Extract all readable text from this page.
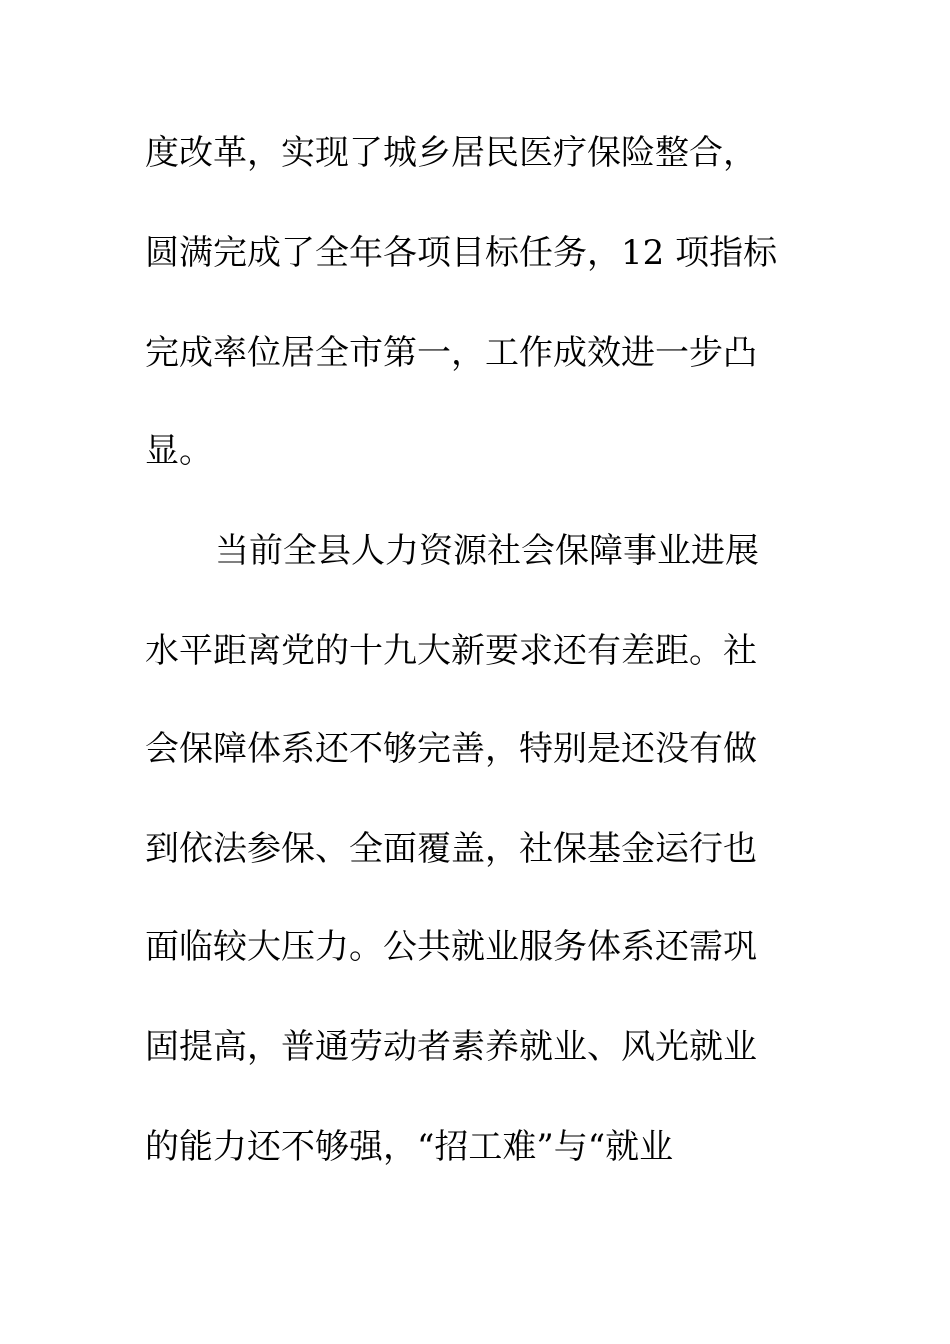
度改革，实现了城乡居民医疗保险整合，
圆满完成了全年各项目标任务，12 项指标
完成率位居全市第一，工作成效进一步凸
显。
当前全县人力资源社会保障事业进展
水平距离党的十九大新要求还有差距。社
会保障体系还不够完善，特别是还没有做
到依法参保、全面覆盖，社保基金运行也
面临较大压力。公共就业服务体系还需巩
固提高，普通劳动者素养就业、风光就业
的能力还不够强，“招工难”与“就业
